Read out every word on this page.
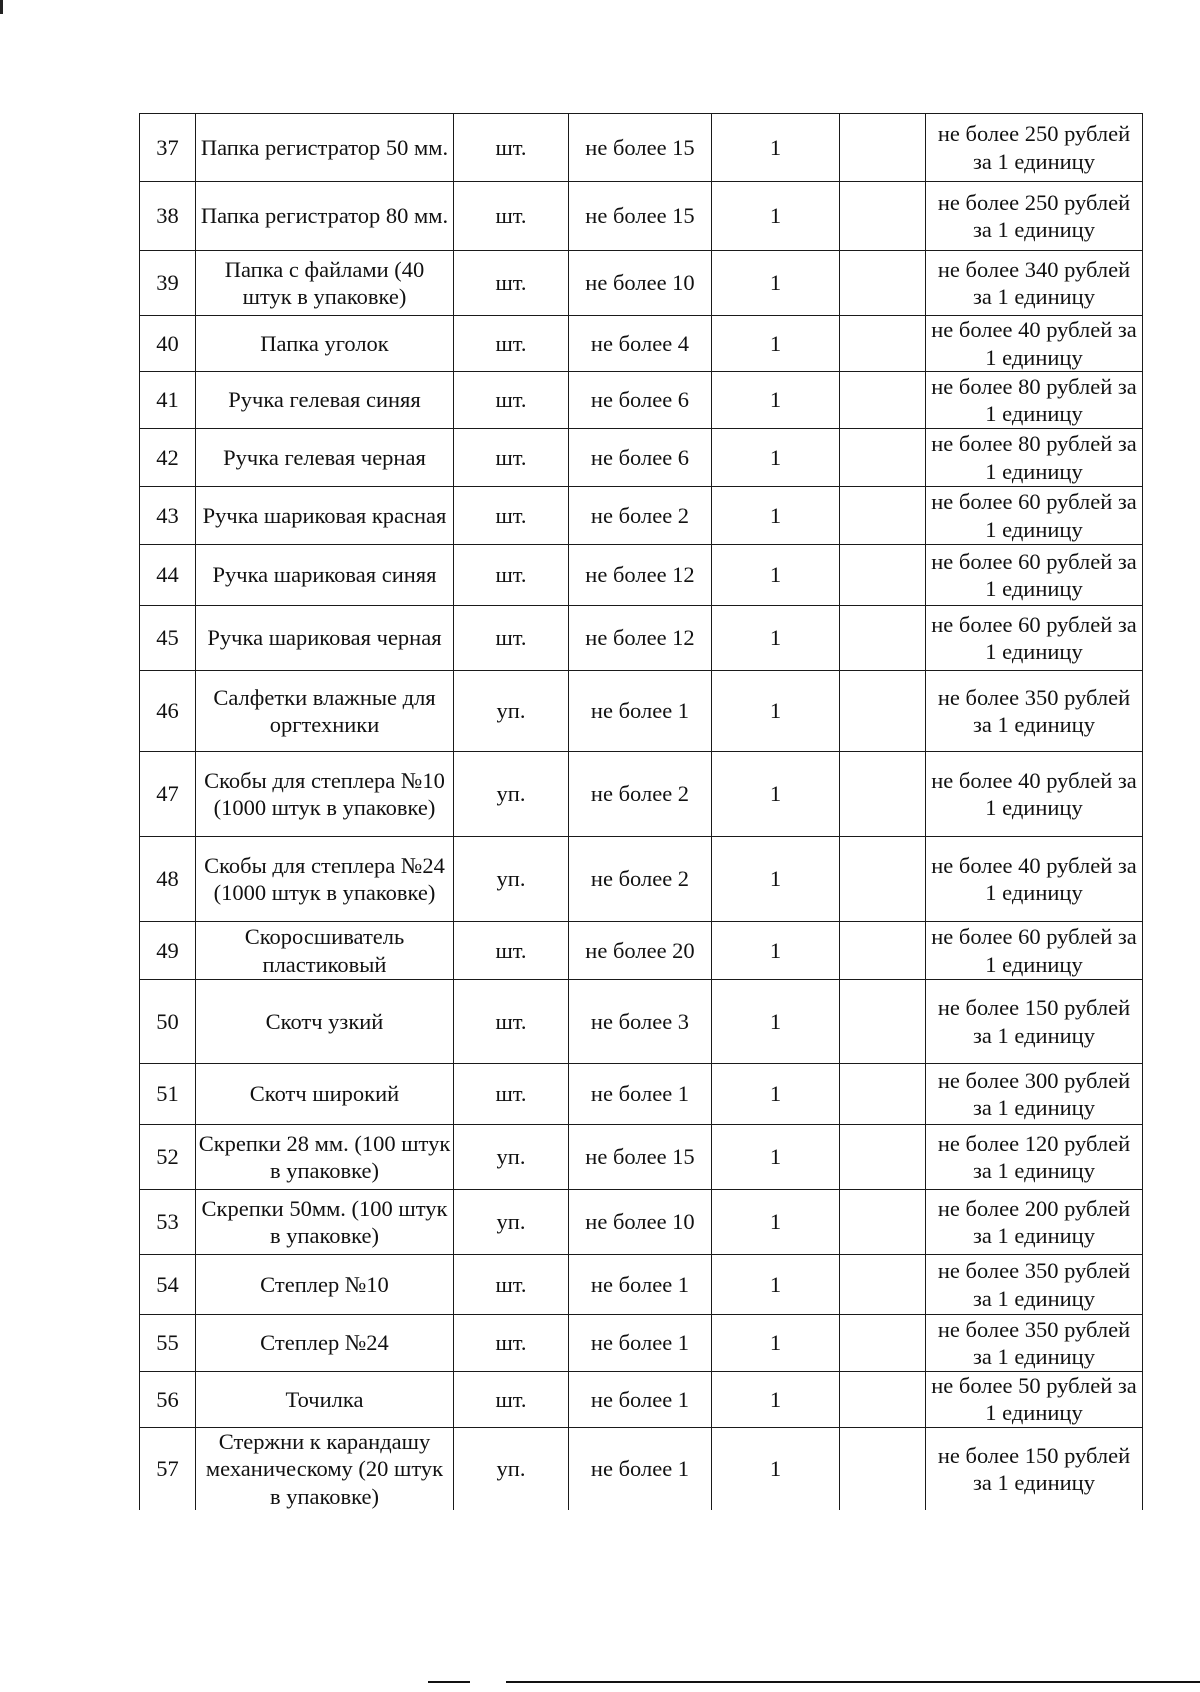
37	Папка регистратор 50 мм.	шт.	не более 15	1		не более 250 рублей за 1 единицу
38	Папка регистратор 80 мм.	шт.	не более 15	1		не более 250 рублей за 1 единицу
39	Папка с файлами (40 штук в упаковке)	шт.	не более 10	1		не более 340 рублей за 1 единицу
40	Папка уголок	шт.	не более 4	1		не более 40 рублей за 1 единицу
41	Ручка гелевая синяя	шт.	не более 6	1		не более 80 рублей за 1 единицу
42	Ручка гелевая черная	шт.	не более 6	1		не более 80 рублей за 1 единицу
43	Ручка шариковая красная	шт.	не более 2	1		не более 60 рублей за 1 единицу
44	Ручка шариковая синяя	шт.	не более 12	1		не более 60 рублей за 1 единицу
45	Ручка шариковая черная	шт.	не более 12	1		не более 60 рублей за 1 единицу
46	Салфетки влажные для оргтехники	уп.	не более 1	1		не более 350 рублей за 1 единицу
47	Скобы для степлера №10 (1000 штук в упаковке)	уп.	не более 2	1		не более 40 рублей за 1 единицу
48	Скобы для степлера №24 (1000 штук в упаковке)	уп.	не более 2	1		не более 40 рублей за 1 единицу
49	Скоросшиватель пластиковый	шт.	не более 20	1		не более 60 рублей за 1 единицу
50	Скотч узкий	шт.	не более 3	1		не более 150 рублей за 1 единицу
51	Скотч широкий	шт.	не более 1	1		не более 300 рублей за 1 единицу
52	Скрепки 28 мм. (100 штук в упаковке)	уп.	не более 15	1		не более 120 рублей за 1 единицу
53	Скрепки 50мм. (100 штук в упаковке)	уп.	не более 10	1		не более 200 рублей за 1 единицу
54	Степлер №10	шт.	не более 1	1		не более 350 рублей за 1 единицу
55	Степлер №24	шт.	не более 1	1		не более 350 рублей за 1 единицу
56	Точилка	шт.	не более 1	1		не более 50 рублей за 1 единицу
57	Стержни к карандашу механическому (20 штук в упаковке)	уп.	не более 1	1		не более 150 рублей за 1 единицу
